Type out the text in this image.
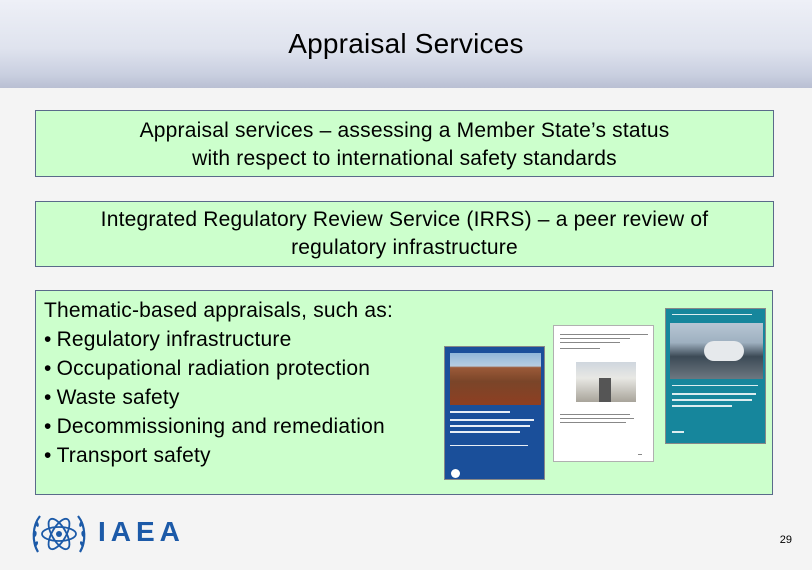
Appraisal Services
Appraisal services – assessing a Member State’s status
with respect to international safety standards
Integrated Regulatory Review Service (IRRS) – a peer review of
regulatory infrastructure
Thematic-based appraisals, such as:
• Regulatory infrastructure
• Occupational radiation protection
• Waste safety
• Decommissioning and remediation
• Transport safety
IAEA	29
